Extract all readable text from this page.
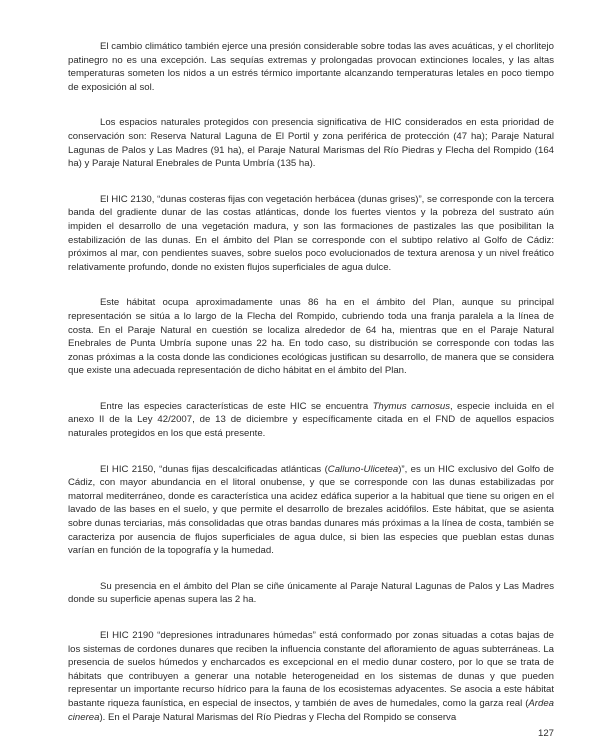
El cambio climático también ejerce una presión considerable sobre todas las aves acuáticas, y el chorlitejo patinegro no es una excepción. Las sequías extremas y prolongadas provocan extinciones locales, y las altas temperaturas someten los nidos a un estrés térmico importante alcanzando temperaturas letales en poco tiempo de exposición al sol.

Los espacios naturales protegidos con presencia significativa de HIC considerados en esta prioridad de conservación son: Reserva Natural Laguna de El Portil y zona periférica de protección (47 ha); Paraje Natural Lagunas de Palos y Las Madres (91 ha), el Paraje Natural Marismas del Río Piedras y Flecha del Rompido (164 ha) y Paraje Natural Enebrales de Punta Umbría (135 ha).

El HIC 2130, “dunas costeras fijas con vegetación herbácea (dunas grises)”, se corresponde con la tercera banda del gradiente dunar de las costas atlánticas, donde los fuertes vientos y la pobreza del sustrato aún impiden el desarrollo de una vegetación madura, y son las formaciones de pastizales las que posibilitan la estabilización de las dunas. En el ámbito del Plan se corresponde con el subtipo relativo al Golfo de Cádiz: próximos al mar, con pendientes suaves, sobre suelos poco evolucionados de textura arenosa y un nivel freático relativamente profundo, donde no existen flujos superficiales de agua dulce.

Este hábitat ocupa aproximadamente unas 86 ha en el ámbito del Plan, aunque su principal representación se sitúa a lo largo de la Flecha del Rompido, cubriendo toda una franja paralela a la línea de costa. En el Paraje Natural en cuestión se localiza alrededor de 64 ha, mientras que en el Paraje Natural Enebrales de Punta Umbría supone unas 22 ha. En todo caso, su distribución se corresponde con todas las zonas próximas a la costa donde las condiciones ecológicas justifican su desarrollo, de manera que se considera que existe una adecuada representación de dicho hábitat en el ámbito del Plan.

Entre las especies características de este HIC se encuentra Thymus carnosus, especie incluida en el anexo II de la Ley 42/2007, de 13 de diciembre y específicamente citada en el FND de aquellos espacios naturales protegidos en los que está presente.

El HIC 2150, “dunas fijas descalcificadas atlánticas (Calluno-Ulicetea)”, es un HIC exclusivo del Golfo de Cádiz, con mayor abundancia en el litoral onubense, y que se corresponde con las dunas estabilizadas por matorral mediterráneo, donde es característica una acidez edáfica superior a la habitual que tiene su origen en el lavado de las bases en el suelo, y que permite el desarrollo de brezales acidófilos. Este hábitat, que se asienta sobre dunas terciarias, más consolidadas que otras bandas dunares más próximas a la línea de costa, también se caracteriza por ausencia de flujos superficiales de agua dulce, si bien las especies que pueblan estas dunas varían en función de la topografía y la humedad.

Su presencia en el ámbito del Plan se ciñe únicamente al Paraje Natural Lagunas de Palos y Las Madres donde su superficie apenas supera las 2 ha.

El HIC 2190 “depresiones intradunares húmedas” está conformado por zonas situadas a cotas bajas de los sistemas de cordones dunares que reciben la influencia constante del afloramiento de aguas subterráneas. La presencia de suelos húmedos y encharcados es excepcional en el medio dunar costero, por lo que se trata de hábitats que contribuyen a generar una notable heterogeneidad en los sistemas de dunas y que pueden representar un importante recurso hídrico para la fauna de los ecosistemas adyacentes. Se asocia a este hábitat bastante riqueza faunística, en especial de insectos, y también de aves de humedales, como la garza real (Ardea cinerea). En el Paraje Natural Marismas del Río Piedras y Flecha del Rompido se conserva

127
